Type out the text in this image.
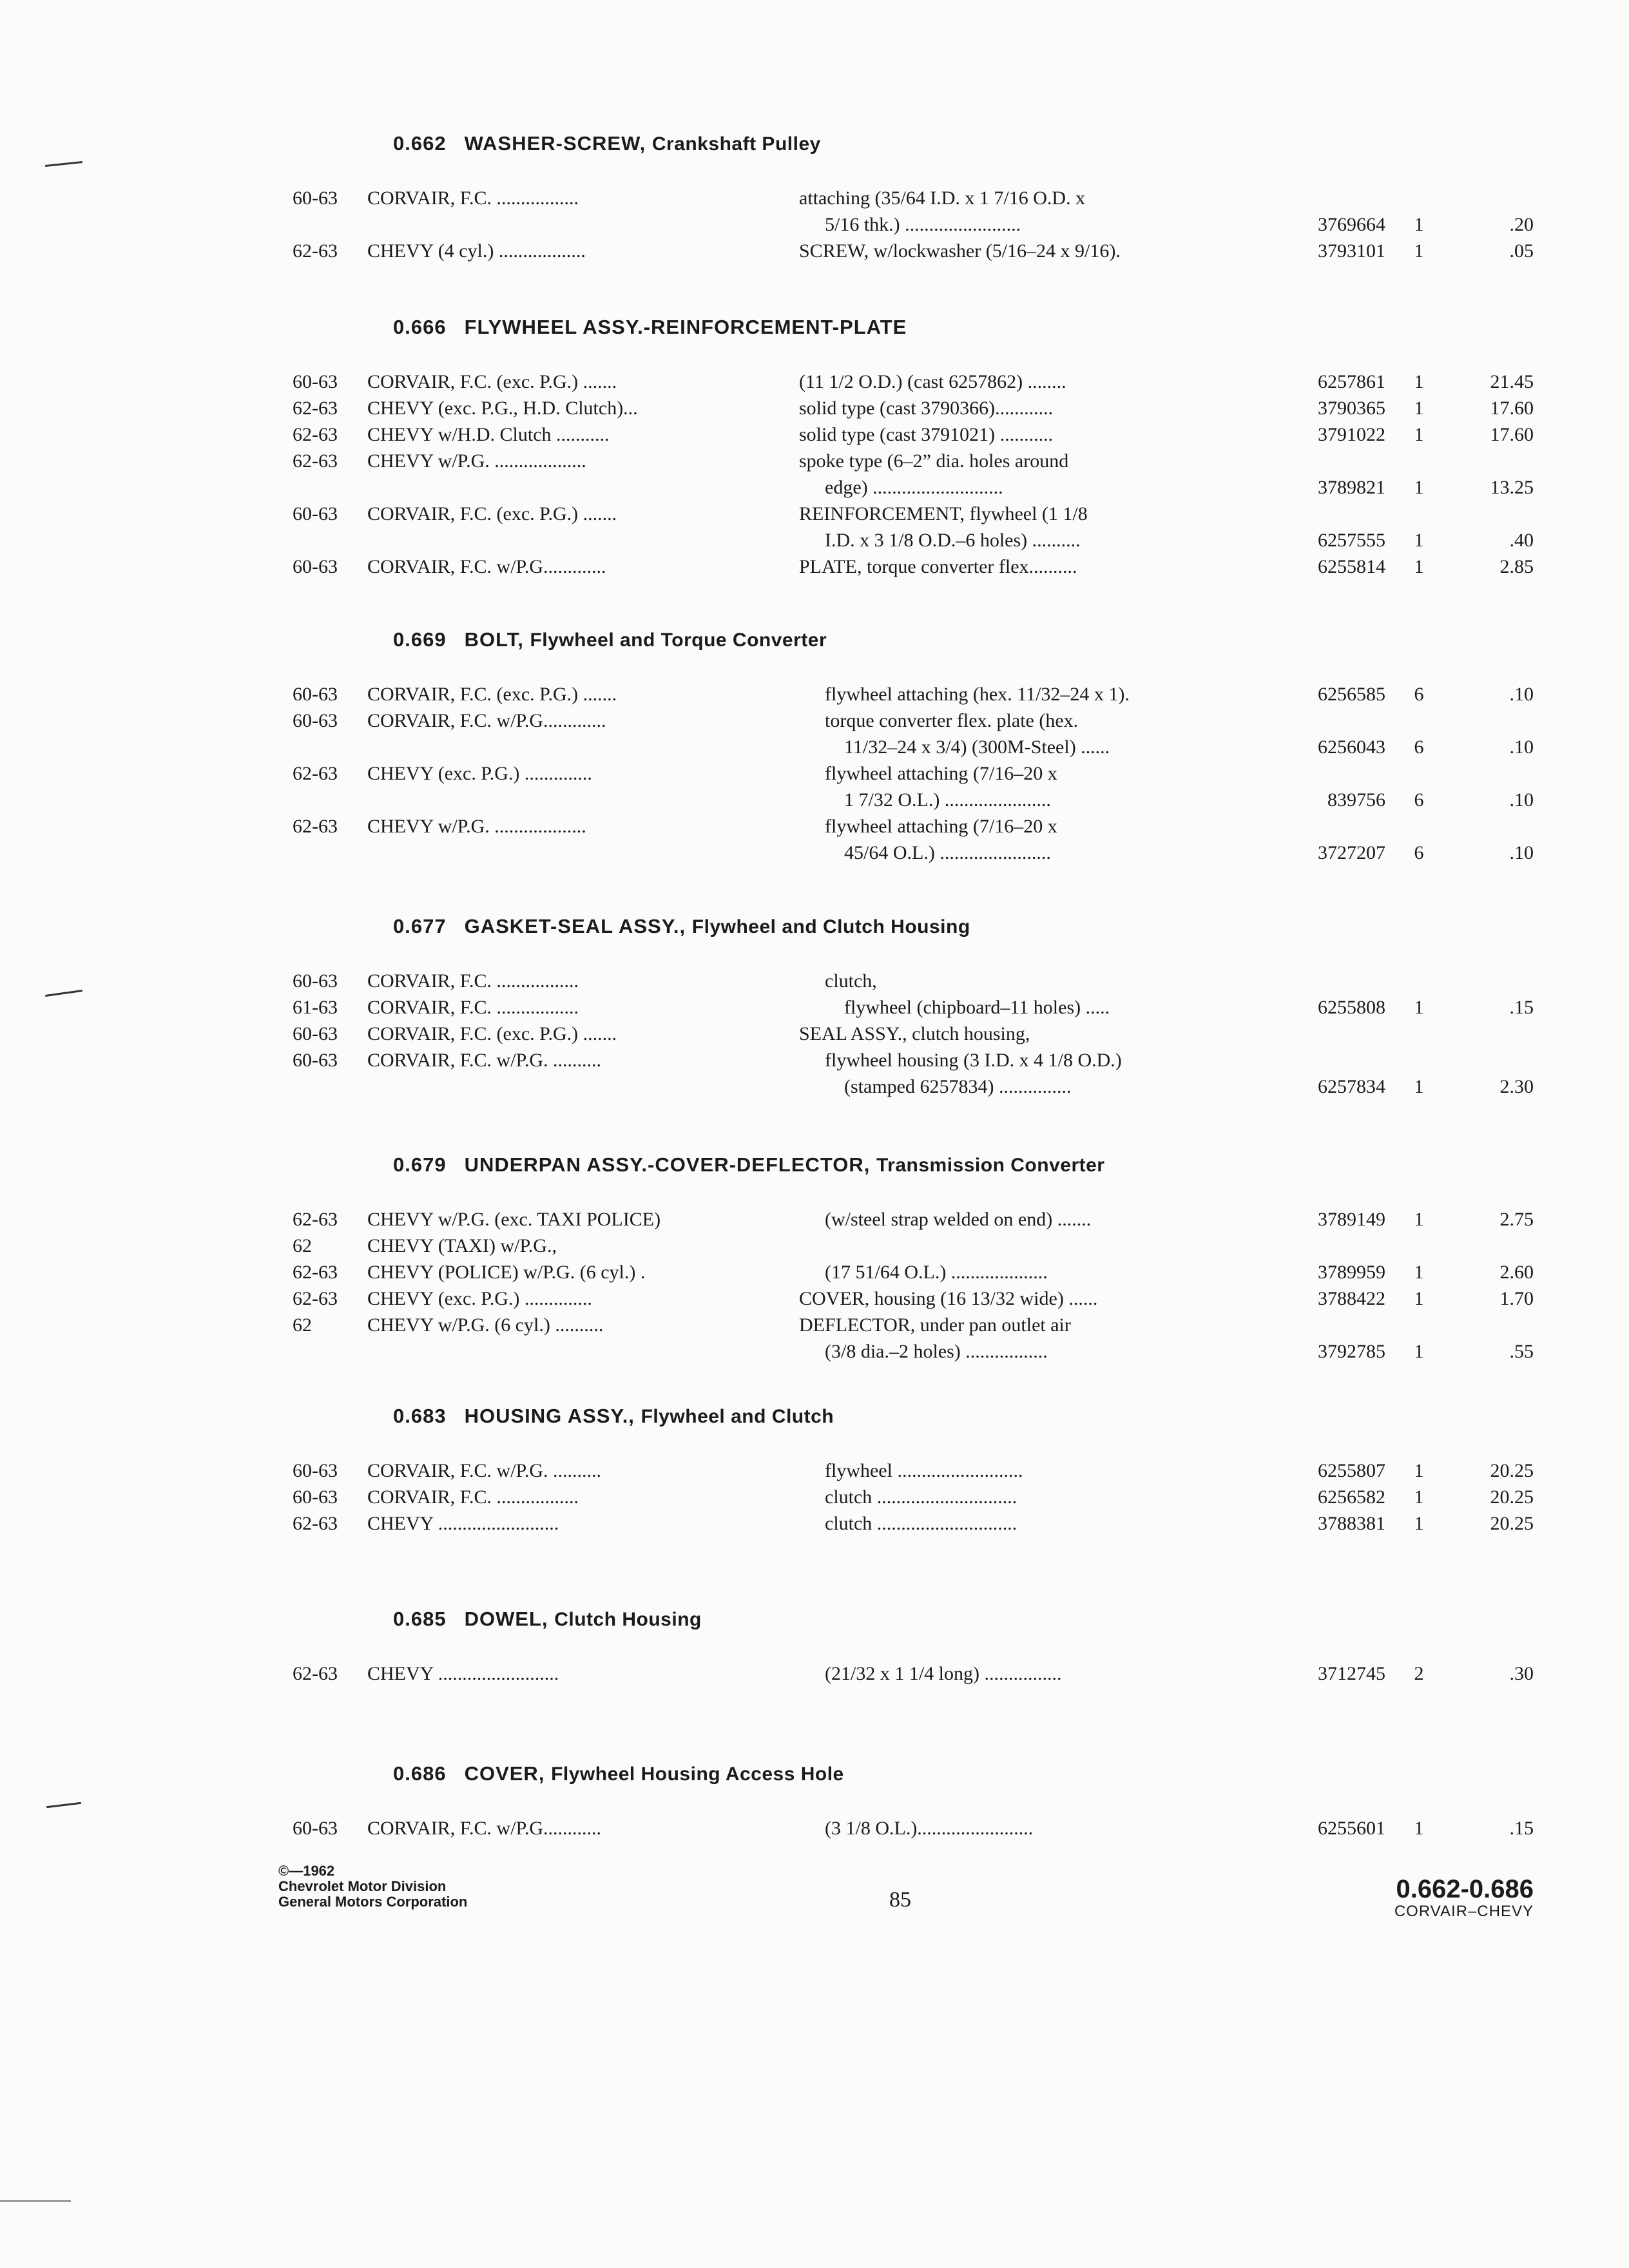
0.662 WASHER-SCREW, Crankshaft Pulley
60-63	CORVAIR, F.C. .................	attaching (35/64 I.D. x 1 7/16 O.D. x
5/16 thk.) ........................	3769664	1	.20
62-63	CHEVY (4 cyl.) ..................	SCREW, w/lockwasher (5/16–24 x 9/16).	3793101	1	.05
0.666 FLYWHEEL ASSY.-REINFORCEMENT-PLATE
60-63	CORVAIR, F.C. (exc. P.G.) .......	(11 1/2 O.D.) (cast 6257862) ........	6257861	1	21.45
62-63	CHEVY (exc. P.G., H.D. Clutch)...	solid type (cast 3790366)............	3790365	1	17.60
62-63	CHEVY w/H.D. Clutch ...........	solid type (cast 3791021) ...........	3791022	1	17.60
62-63	CHEVY w/P.G. ...................	spoke type (6–2” dia. holes around
edge) ...........................	3789821	1	13.25
60-63	CORVAIR, F.C. (exc. P.G.) .......	REINFORCEMENT, flywheel (1 1/8
I.D. x 3 1/8 O.D.–6 holes) ..........	6257555	1	.40
60-63	CORVAIR, F.C. w/P.G.............	PLATE, torque converter flex..........	6255814	1	2.85
0.669 BOLT, Flywheel and Torque Converter
60-63	CORVAIR, F.C. (exc. P.G.) .......	flywheel attaching (hex. 11/32–24 x 1).	6256585	6	.10
60-63	CORVAIR, F.C. w/P.G.............	torque converter flex. plate (hex.
11/32–24 x 3/4) (300M-Steel) ......	6256043	6	.10
62-63	CHEVY (exc. P.G.) ..............	flywheel attaching (7/16–20 x
1 7/32 O.L.) ......................	839756	6	.10
62-63	CHEVY w/P.G. ...................	flywheel attaching (7/16–20 x
45/64 O.L.) .......................	3727207	6	.10
0.677 GASKET-SEAL ASSY., Flywheel and Clutch Housing
60-63	CORVAIR, F.C. .................	clutch,
61-63	CORVAIR, F.C. .................	flywheel (chipboard–11 holes) .....	6255808	1	.15
60-63	CORVAIR, F.C. (exc. P.G.) .......	SEAL ASSY., clutch housing,
60-63	CORVAIR, F.C. w/P.G. ..........	flywheel housing (3 I.D. x 4 1/8 O.D.)
(stamped 6257834) ...............	6257834	1	2.30
0.679 UNDERPAN ASSY.-COVER-DEFLECTOR, Transmission Converter
62-63	CHEVY w/P.G. (exc. TAXI POLICE)	(w/steel strap welded on end) .......	3789149	1	2.75
62	CHEVY (TAXI) w/P.G.,
62-63	CHEVY (POLICE) w/P.G. (6 cyl.) .	(17 51/64 O.L.) ....................	3789959	1	2.60
62-63	CHEVY (exc. P.G.) ..............	COVER, housing (16 13/32 wide) ......	3788422	1	1.70
62	CHEVY w/P.G. (6 cyl.) ..........	DEFLECTOR, under pan outlet air
(3/8 dia.–2 holes) .................	3792785	1	.55
0.683 HOUSING ASSY., Flywheel and Clutch
60-63	CORVAIR, F.C. w/P.G. ..........	flywheel ..........................	6255807	1	20.25
60-63	CORVAIR, F.C. .................	clutch .............................	6256582	1	20.25
62-63	CHEVY .........................	clutch .............................	3788381	1	20.25
0.685 DOWEL, Clutch Housing
62-63	CHEVY .........................	(21/32 x 1 1/4 long) ................	3712745	2	.30
0.686 COVER, Flywheel Housing Access Hole
60-63	CORVAIR, F.C. w/P.G............	(3 1/8 O.L.)........................	6255601	1	.15
©—1962
Chevrolet Motor Division
General Motors Corporation	85	0.662-0.686
CORVAIR–CHEVY
